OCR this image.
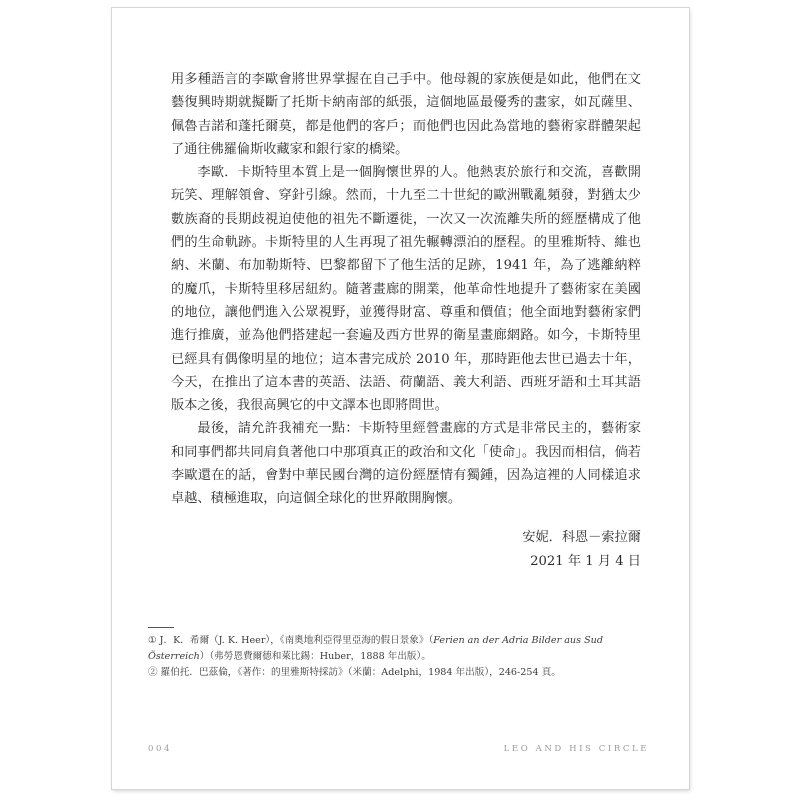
用多種語言的李歐會將世界掌握在自己手中。他母親的家族便是如此，他們在文藝復興時期就擬斷了托斯卡納南部的紙張，這個地區最優秀的畫家，如瓦薩里、佩魯吉諾和蓬托爾莫，都是他們的客戶；而他們也因此為當地的藝術家群體架起了通往佛羅倫斯收藏家和銀行家的橋梁。

李歐．卡斯特里本質上是一個胸懷世界的人。他熱衷於旅行和交流，喜歡開玩笑、理解領會、穿針引線。然而，十九至二十世紀的歐洲戰亂頻發，對猶太少數族裔的長期歧視迫使他的祖先不斷遷徙，一次又一次流離失所的經歷構成了他們的生命軌跡。卡斯特里的人生再現了祖先輾轉漂泊的歷程。的里雅斯特、維也納、米蘭、布加勒斯特、巴黎都留下了他生活的足跡，1941 年，為了逃離納粹的魔爪，卡斯特里移居紐約。隨著畫廊的開業，他革命性地提升了藝術家在美國的地位，讓他們進入公眾視野，並獲得財富、尊重和價值；他全面地對藝術家們進行推廣，並為他們搭建起一套遍及西方世界的衛星畫廊網路。如今，卡斯特里已經具有偶像明星的地位；這本書完成於 2010 年，那時距他去世已過去十年，今天，在推出了這本書的英語、法語、荷蘭語、義大利語、西班牙語和土耳其語版本之後，我很高興它的中文譯本也即將問世。

最後，請允許我補充一點：卡斯特里經營畫廊的方式是非常民主的，藝術家和同事們都共同肩負著他口中那項真正的政治和文化「使命」。我因而相信，倘若李歐還在的話，會對中華民國台灣的這份經歷情有獨鍾，因為這裡的人同樣追求卓越、積極進取，向這個全球化的世界敞開胸懷。

安妮．科恩－索拉爾
2021 年 1 月 4 日

① J．K．希爾（J. K. Heer），《南奧地利亞得里亞海的假日景象》（Ferien an der Adria Bilder aus Sud Österreich）（弗勞恩費爾德和萊比錫：Huber，1888 年出版）。

② 羅伯托．巴茲倫，《著作：的里雅斯特採訪》（米蘭：Adelphi，1984 年出版），246-254 頁。

004	LEO AND HIS CIRCLE
